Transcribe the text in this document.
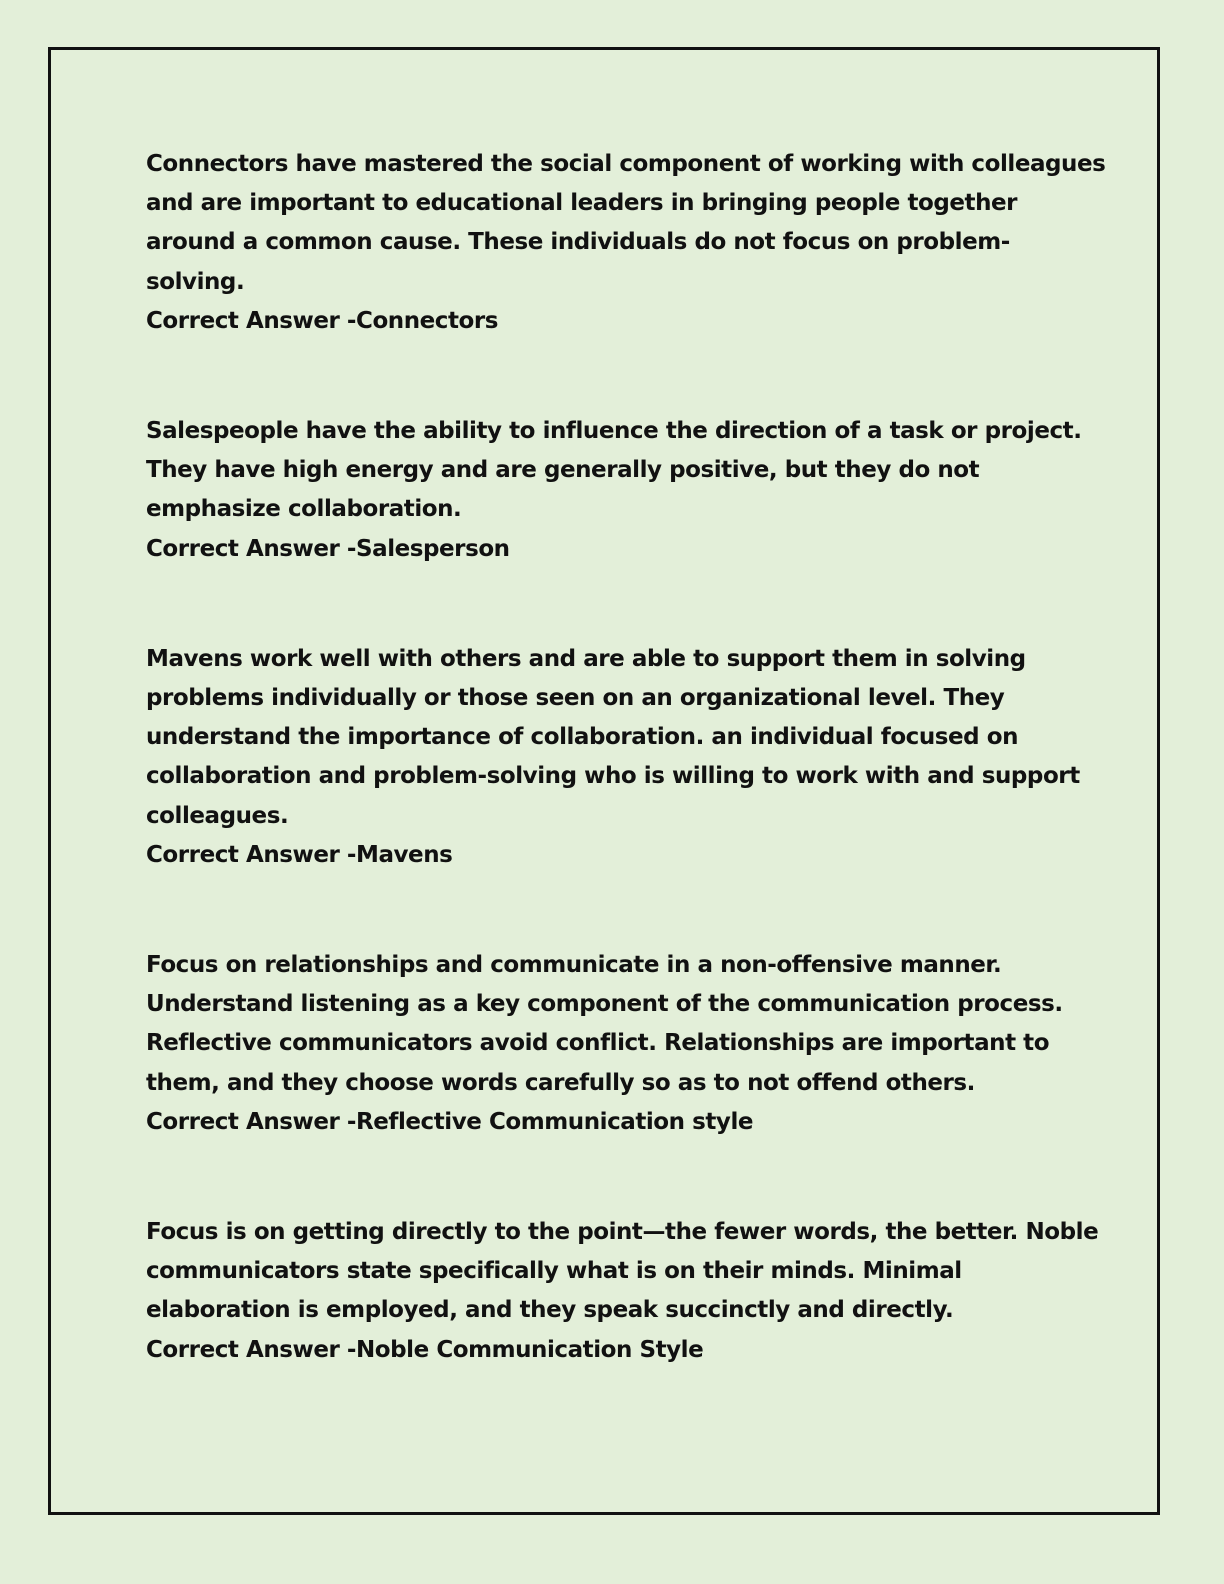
Connectors have mastered the social component of working with colleagues and are important to educational leaders in bringing people together around a common cause. These individuals do not focus on problem-solving.
Correct Answer -Connectors
Salespeople have the ability to influence the direction of a task or project. They have high energy and are generally positive, but they do not emphasize collaboration.
Correct Answer -Salesperson
Mavens work well with others and are able to support them in solving problems individually or those seen on an organizational level. They understand the importance of collaboration. an individual focused on collaboration and problem-solving who is willing to work with and support colleagues.
Correct Answer -Mavens
Focus on relationships and communicate in a non-offensive manner. Understand listening as a key component of the communication process. Reflective communicators avoid conflict. Relationships are important to them, and they choose words carefully so as to not offend others.
Correct Answer -Reflective Communication style
Focus is on getting directly to the point—the fewer words, the better. Noble communicators state specifically what is on their minds. Minimal elaboration is employed, and they speak succinctly and directly.
Correct Answer -Noble Communication Style
